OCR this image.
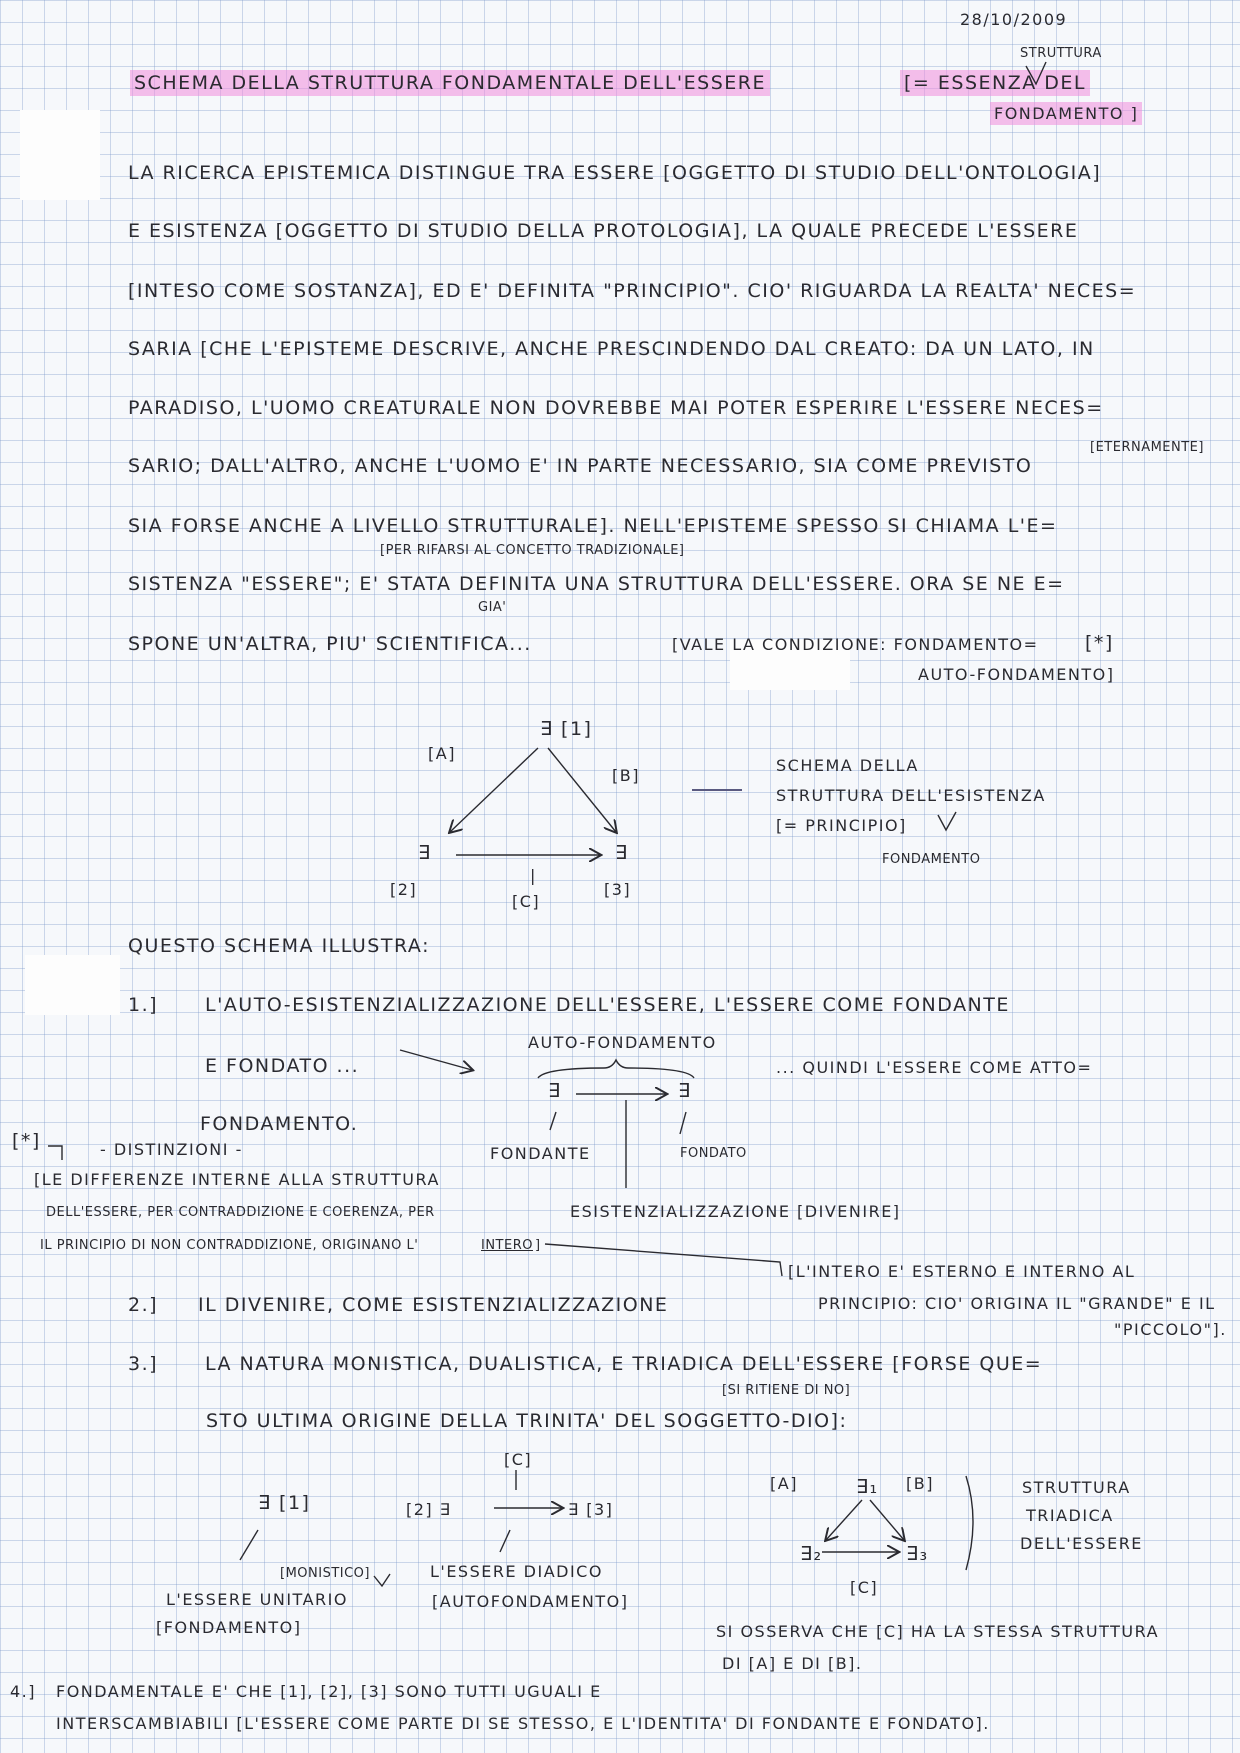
28/10/2009
STRUTTURA
SCHEMA DELLA STRUTTURA FONDAMENTALE DELL'ESSERE	[= ESSENZA DEL
FONDAMENTO ]
LA RICERCA EPISTEMICA DISTINGUE TRA ESSERE [OGGETTO DI STUDIO DELL'ONTOLOGIA]
E ESISTENZA [OGGETTO DI STUDIO DELLA PROTOLOGIA], LA QUALE PRECEDE L'ESSERE
[INTESO COME SOSTANZA], ED E' DEFINITA "PRINCIPIO". CIO' RIGUARDA LA REALTA' NECES=
SARIA [CHE L'EPISTEME DESCRIVE, ANCHE PRESCINDENDO DAL CREATO: DA UN LATO, IN
PARADISO, L'UOMO CREATURALE NON DOVREBBE MAI POTER ESPERIRE L'ESSERE NECES=
[ETERNAMENTE]
SARIO; DALL'ALTRO, ANCHE L'UOMO E' IN PARTE NECESSARIO, SIA COME PREVISTO
SIA FORSE ANCHE A LIVELLO STRUTTURALE]. NELL'EPISTEME SPESSO SI CHIAMA L'E=
[PER RIFARSI AL CONCETTO TRADIZIONALE]
SISTENZA "ESSERE"; E' STATA DEFINITA UNA STRUTTURA DELL'ESSERE. ORA SE NE E=
GIA'
SPONE UN'ALTRA, PIU' SCIENTIFICA...	[VALE LA CONDIZIONE: FONDAMENTO= [*]
AUTO-FONDAMENTO]
∃ [1]
[A]
[B]
∃
[2]
∃
[3]
|
[C]
SCHEMA DELLA
STRUTTURA DELL'ESISTENZA
[= PRINCIPIO]
FONDAMENTO
QUESTO SCHEMA ILLUSTRA:
1.] L'AUTO-ESISTENZIALIZZAZIONE DELL'ESSERE, L'ESSERE COME FONDANTE
AUTO-FONDAMENTO
E FONDATO ...	... QUINDI L'ESSERE COME ATTO=
∃	∃
FONDAMENTO.
FONDANTE	FONDATO
ESISTENZIALIZZAZIONE [DIVENIRE]
[*]	- DISTINZIONI -
[LE DIFFERENZE INTERNE ALLA STRUTTURA
DELL'ESSERE, PER CONTRADDIZIONE E COERENZA, PER
IL PRINCIPIO DI NON CONTRADDIZIONE, ORIGINANO L'	INTERO ]
[L'INTERO E' ESTERNO E INTERNO AL
PRINCIPIO: CIO' ORIGINA IL "GRANDE" E IL
"PICCOLO"].
2.] IL DIVENIRE, COME ESISTENZIALIZZAZIONE
3.] LA NATURA MONISTICA, DUALISTICA, E TRIADICA DELL'ESSERE [FORSE QUE=
[SI RITIENE DI NO]
STO ULTIMA ORIGINE DELLA TRINITA' DEL SOGGETTO-DIO]:
∃ [1]
[MONISTICO]
L'ESSERE UNITARIO
[FONDAMENTO]
[C]
[2] ∃	∃ [3]
L'ESSERE DIADICO
[AUTOFONDAMENTO]
[A]	∃₁ [B]
∃₂	∃₃
[C]
STRUTTURA
TRIADICA
DELL'ESSERE
SI OSSERVA CHE [C] HA LA STESSA STRUTTURA
DI [A] E DI [B].
4.] FONDAMENTALE E' CHE [1], [2], [3] SONO TUTTI UGUALI E
INTERSCAMBIABILI [L'ESSERE COME PARTE DI SE STESSO, E L'IDENTITA' DI FONDANTE E FONDATO].
